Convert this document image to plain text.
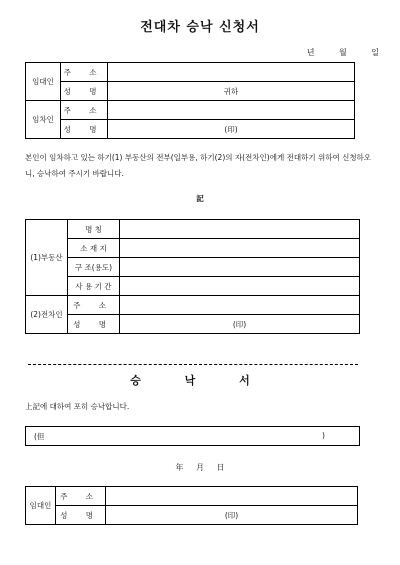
전대차 승낙 신청서
년 월 일
임대인	주 소	
	성 명	귀하
임차인	주 소	
	성 명	(印)
본인이 임차하고 있는 하기(1) 부동산의 전부(일부용, 하기(2)의 자(전차인)에게 전대하기 위하여 신청하오니, 승낙하여 주시기 바랍니다.
記
(1)부동산	명 칭	
	소 재 지	
	구 조(용도)	
	사 용 기 간	
(2)전차인	주 소	
	성 명	(印)
승 낙 서
上記에 대하여 포히 승낙합니다.
(但	)
年 月 日
임대인	주 소	
	성 명	(印)
